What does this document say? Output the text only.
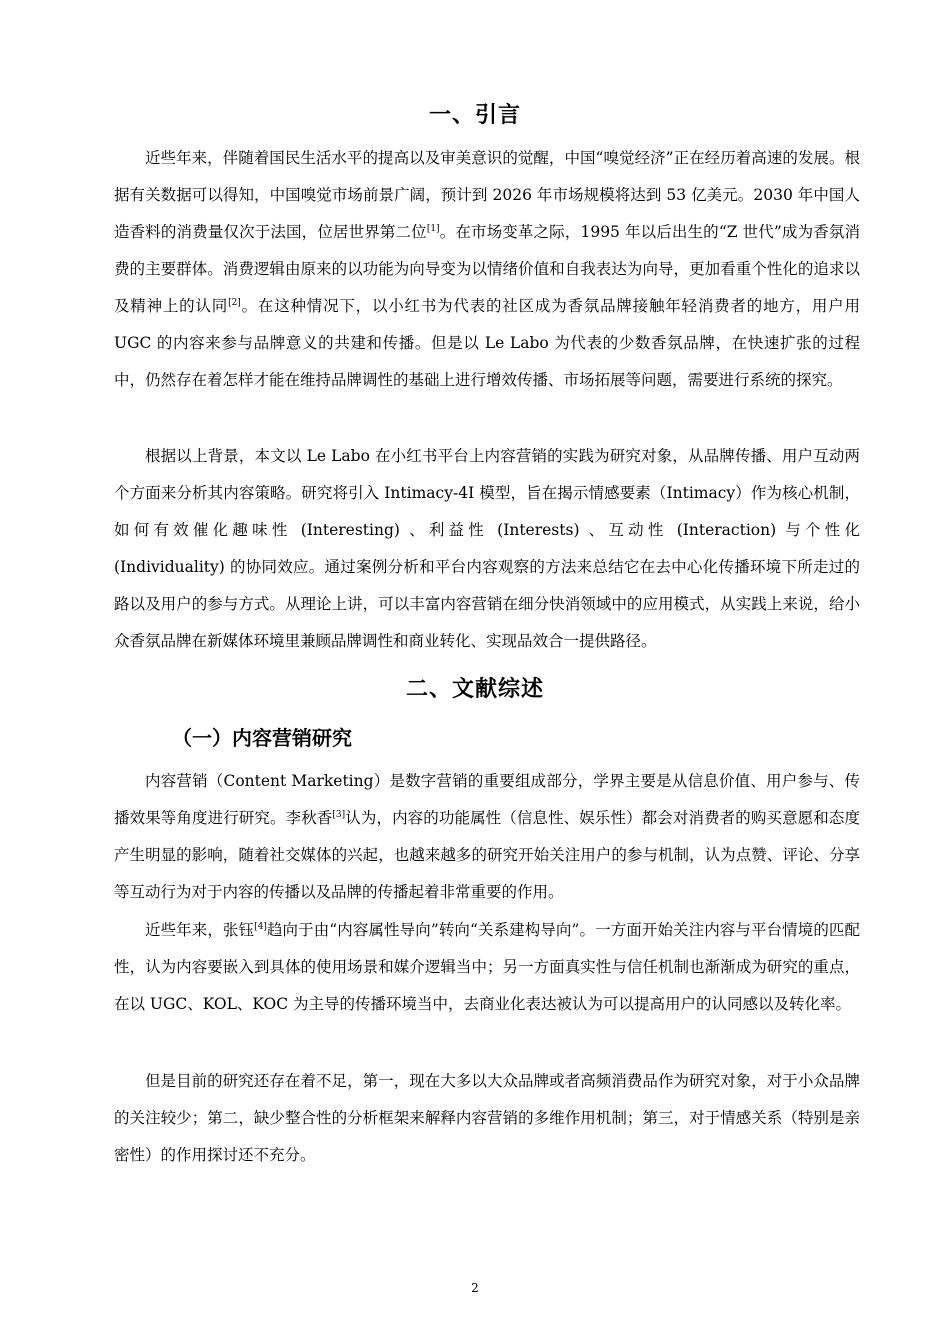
一、引言

近些年来，伴随着国民生活水平的提高以及审美意识的觉醒，中国“嗅觉经济”正在经历着高速的发展。根据有关数据可以得知，中国嗅觉市场前景广阔，预计到 2026 年市场规模将达到 53 亿美元。2030 年中国人造香料的消费量仅次于法国，位居世界第二位[1]。在市场变革之际，1995 年以后出生的“Z 世代”成为香氛消费的主要群体。消费逻辑由原来的以功能为向导变为以情绪价值和自我表达为向导，更加看重个性化的追求以及精神上的认同[2]。在这种情况下，以小红书为代表的社区成为香氛品牌接触年轻消费者的地方，用户用 UGC 的内容来参与品牌意义的共建和传播。但是以 Le Labo 为代表的少数香氛品牌，在快速扩张的过程中，仍然存在着怎样才能在维持品牌调性的基础上进行增效传播、市场拓展等问题，需要进行系统的探究。

根据以上背景，本文以 Le Labo 在小红书平台上内容营销的实践为研究对象，从品牌传播、用户互动两个方面来分析其内容策略。研究将引入 Intimacy-4I 模型，旨在揭示情感要素（Intimacy）作为核心机制，如何有效催化趣味性 (Interesting) 、利益性 (Interests) 、互动性 (Interaction) 与个性化 (Individuality) 的协同效应。通过案例分析和平台内容观察的方法来总结它在去中心化传播环境下所走过的路以及用户的参与方式。从理论上讲，可以丰富内容营销在细分快消领域中的应用模式，从实践上来说，给小众香氛品牌在新媒体环境里兼顾品牌调性和商业转化、实现品效合一提供路径。

二、文献综述
（一）内容营销研究

内容营销（Content Marketing）是数字营销的重要组成部分，学界主要是从信息价值、用户参与、传播效果等角度进行研究。李秋香[3]认为，内容的功能属性（信息性、娱乐性）都会对消费者的购买意愿和态度产生明显的影响，随着社交媒体的兴起，也越来越多的研究开始关注用户的参与机制，认为点赞、评论、分享等互动行为对于内容的传播以及品牌的传播起着非常重要的作用。

近些年来，张钰[4]趋向于由“内容属性导向”转向“关系建构导向”。一方面开始关注内容与平台情境的匹配性，认为内容要嵌入到具体的使用场景和媒介逻辑当中；另一方面真实性与信任机制也渐渐成为研究的重点，在以 UGC、KOL、KOC 为主导的传播环境当中，去商业化表达被认为可以提高用户的认同感以及转化率。

但是目前的研究还存在着不足，第一，现在大多以大众品牌或者高频消费品作为研究对象，对于小众品牌的关注较少；第二，缺少整合性的分析框架来解释内容营销的多维作用机制；第三，对于情感关系（特别是亲密性）的作用探讨还不充分。

2
